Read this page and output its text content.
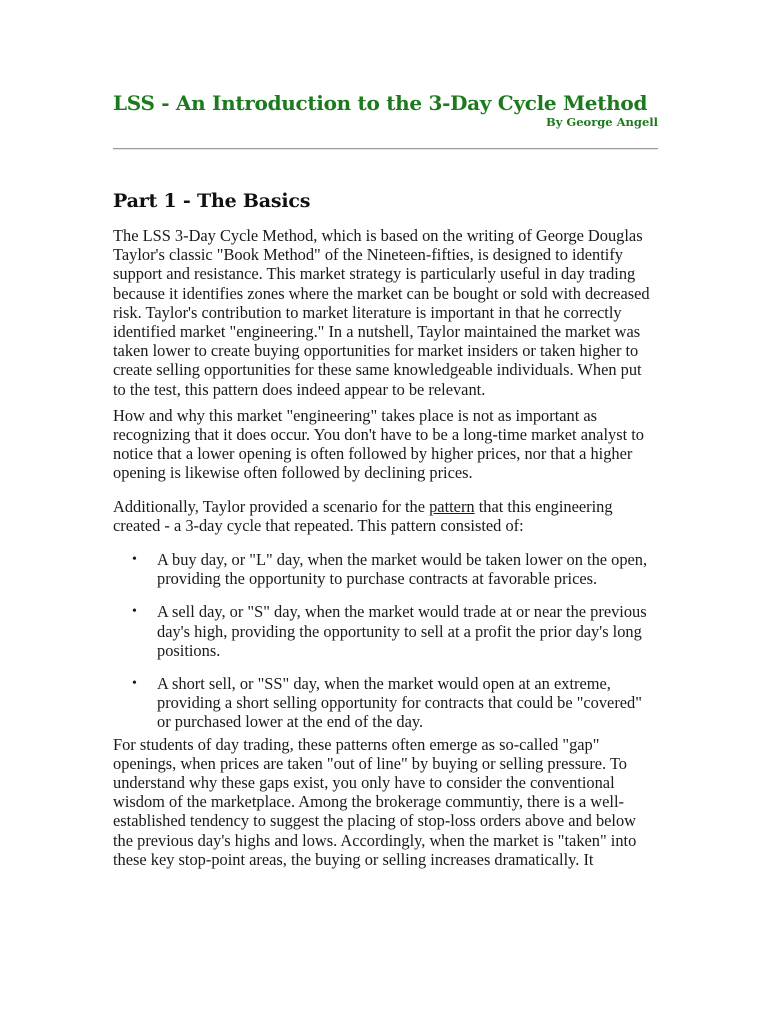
LSS - An Introduction to the 3-Day Cycle Method
By George Angell
Part 1 - The Basics

The LSS 3-Day Cycle Method, which is based on the writing of George Douglas Taylor's classic "Book Method" of the Nineteen-fifties, is designed to identify support and resistance. This market strategy is particularly useful in day trading because it identifies zones where the market can be bought or sold with decreased risk. Taylor's contribution to market literature is important in that he correctly identified market "engineering." In a nutshell, Taylor maintained the market was taken lower to create buying opportunities for market insiders or taken higher to create selling opportunities for these same knowledgeable individuals. When put to the test, this pattern does indeed appear to be relevant.

How and why this market "engineering" takes place is not as important as recognizing that it does occur. You don't have to be a long-time market analyst to notice that a lower opening is often followed by higher prices, nor that a higher opening is likewise often followed by declining prices.

Additionally, Taylor provided a scenario for the pattern that this engineering created - a 3-day cycle that repeated. This pattern consisted of:

• A buy day, or "L" day, when the market would be taken lower on the open, providing the opportunity to purchase contracts at favorable prices.
• A sell day, or "S" day, when the market would trade at or near the previous day's high, providing the opportunity to sell at a profit the prior day's long positions.
• A short sell, or "SS" day, when the market would open at an extreme, providing a short selling opportunity for contracts that could be "covered" or purchased lower at the end of the day.

For students of day trading, these patterns often emerge as so-called "gap" openings, when prices are taken "out of line" by buying or selling pressure. To understand why these gaps exist, you only have to consider the conventional wisdom of the marketplace. Among the brokerage communtiy, there is a well-established tendency to suggest the placing of stop-loss orders above and below the previous day's highs and lows. Accordingly, when the market is "taken" into these key stop-point areas, the buying or selling increases dramatically. It
